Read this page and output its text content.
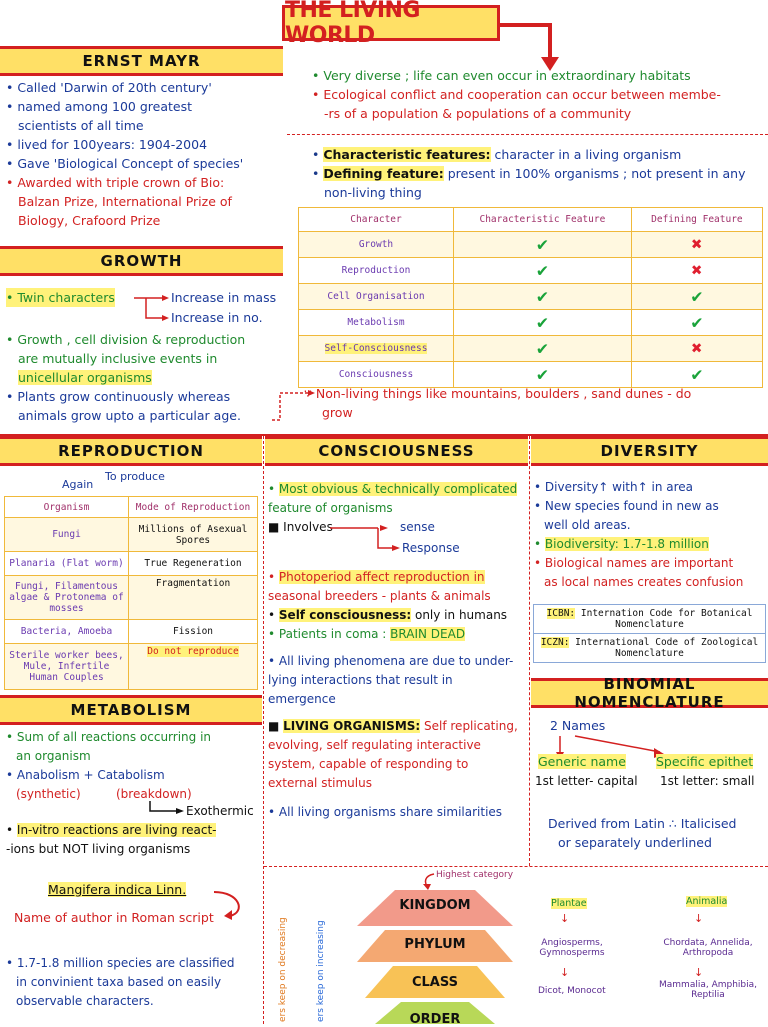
THE LIVING WORLD
ERNST MAYR
• Called 'Darwin of 20th century'
• named among 100 greatest
scientists of all time
• lived for 100years: 1904-2004
• Gave 'Biological Concept of species'
• Awarded with triple crown of Bio:
Balzan Prize, International Prize of
Biology, Crafoord Prize
• Very diverse ; life can even occur in extraordinary habitats
• Ecological conflict and cooperation can occur between membe-
-rs of a population & populations of a community
• Characteristic features: character in a living organism
• Defining feature: present in 100% organisms ; not present in any
non-living thing
Character	Characteristic Feature	Defining Feature
Growth	✔	✖
Reproduction	✔	✖
Cell Organisation	✔	✔
Metabolism	✔	✔
Self-Consciousness	✔	✖
Consciousness	✔	✔
GROWTH
• Twin characters	Increase in mass
Increase in no.
• Growth , cell division & reproduction
are mutually inclusive events in
unicellular organisms
• Plants grow continuously whereas
animals grow upto a particular age.
∵ Non-living things like mountains, boulders , sand dunes - do
grow
REPRODUCTION
To produce
Again
Organism	Mode of Reproduction
Fungi	Millions of Asexual Spores
Planaria (Flat worm)	True Regeneration
Fungi, Filamentous algae & Protonema of mosses	Fragmentation
Bacteria, Amoeba	Fission
Sterile worker bees, Mule, Infertile Human Couples	Do not reproduce
CONSCIOUSNESS
• Most obvious & technically complicated
feature of organisms
■ Involves	sense
Response
• Photoperiod affect reproduction in
seasonal breeders - plants & animals
• Self consciousness: only in humans
• Patients in coma : BRAIN DEAD
• All living phenomena are due to under-
lying interactions that result in
emergence
■ LIVING ORGANISMS: Self replicating,
evolving, self regulating interactive
system, capable of responding to
external stimulus
• All living organisms share similarities
DIVERSITY
• Diversity↑ with↑ in area
• New species found in new as
well old areas.
• Biodiversity: 1.7-1.8 million
• Biological names are important
as local names creates confusion
ICBN: Internation Code for Botanical Nomenclature
ICZN: International Code of Zoological Nomenclature
BINOMIAL NOMENCLATURE
2 Names
Generic name Specific epithet
1st letter- capital 1st letter: small
Derived from Latin ∴ Italicised
or separately underlined
METABOLISM
• Sum of all reactions occurring in
an organism
• Anabolism + Catabolism
(synthetic)	(breakdown)
Exothermic
• In-vitro reactions are living react-
-ions but NOT living organisms
Mangifera indica Linn.
Name of author in Roman script
• 1.7-1.8 million species are classified
in convinient taxa based on easily
observable characters.	ers keep on decreasing	ers keep on increasing
KINGDOM
PHYLUM
CLASS
ORDER
Highest category
Plantae	Animalia
↓	↓
Angiosperms, Gymnosperms
Chordata, Annelida, Arthropoda
↓	↓
Dicot, Monocot
Mammalia, Amphibia, Reptilia
